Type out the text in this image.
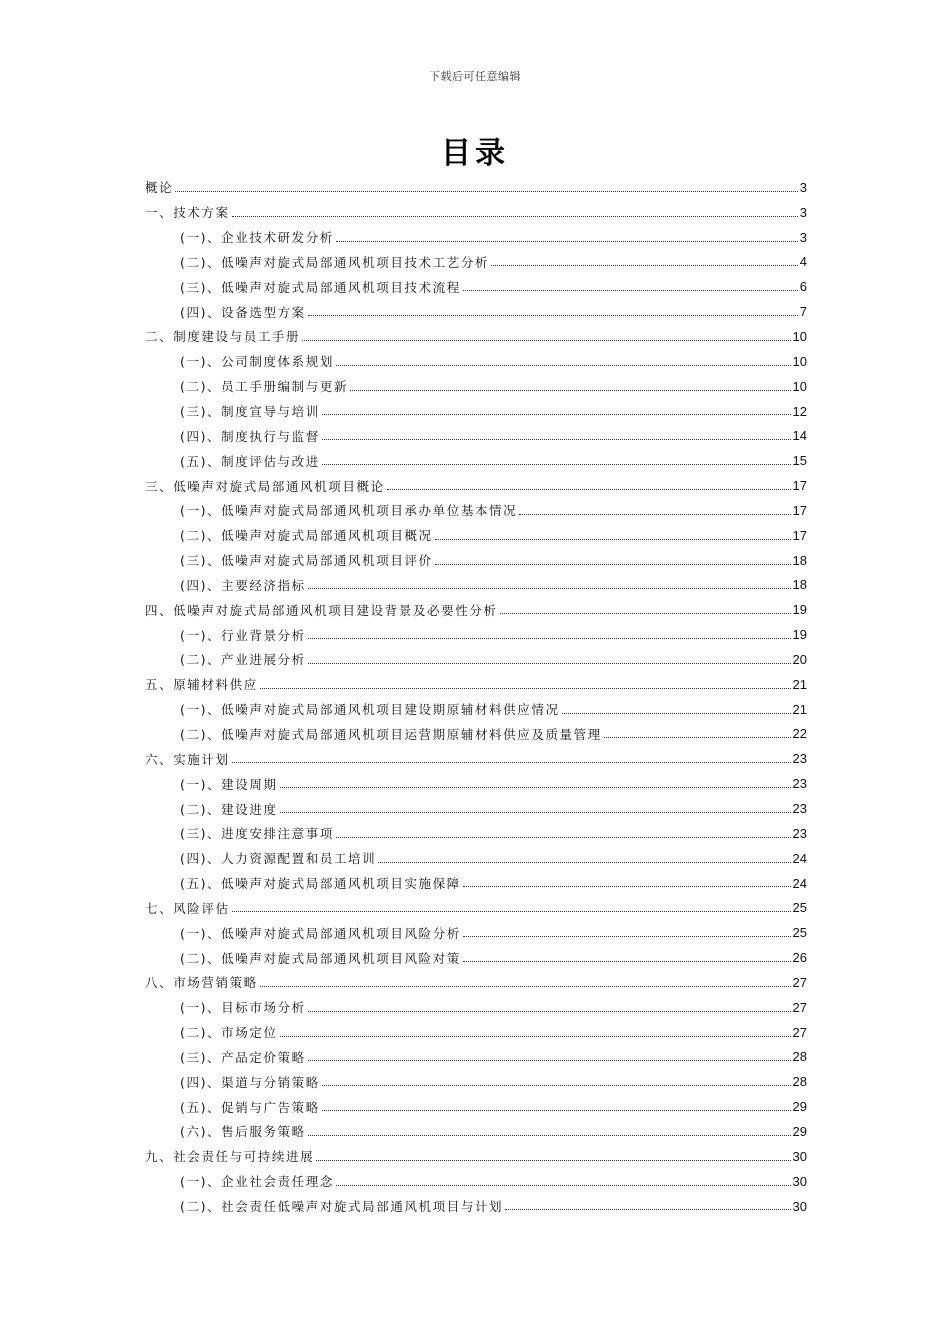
下载后可任意编辑
目录
概论	3
一、技术方案	3
(一)、企业技术研发分析	3
(二)、低噪声对旋式局部通风机项目技术工艺分析	4
(三)、低噪声对旋式局部通风机项目技术流程	6
(四)、设备选型方案	7
二、制度建设与员工手册	10
(一)、公司制度体系规划	10
(二)、员工手册编制与更新	10
(三)、制度宣导与培训	12
(四)、制度执行与监督	14
(五)、制度评估与改进	15
三、低噪声对旋式局部通风机项目概论	17
(一)、低噪声对旋式局部通风机项目承办单位基本情况	17
(二)、低噪声对旋式局部通风机项目概况	17
(三)、低噪声对旋式局部通风机项目评价	18
(四)、主要经济指标	18
四、低噪声对旋式局部通风机项目建设背景及必要性分析	19
(一)、行业背景分析	19
(二)、产业进展分析	20
五、原辅材料供应	21
(一)、低噪声对旋式局部通风机项目建设期原辅材料供应情况	21
(二)、低噪声对旋式局部通风机项目运营期原辅材料供应及质量管理	22
六、实施计划	23
(一)、建设周期	23
(二)、建设进度	23
(三)、进度安排注意事项	23
(四)、人力资源配置和员工培训	24
(五)、低噪声对旋式局部通风机项目实施保障	24
七、风险评估	25
(一)、低噪声对旋式局部通风机项目风险分析	25
(二)、低噪声对旋式局部通风机项目风险对策	26
八、市场营销策略	27
(一)、目标市场分析	27
(二)、市场定位	27
(三)、产品定价策略	28
(四)、渠道与分销策略	28
(五)、促销与广告策略	29
(六)、售后服务策略	29
九、社会责任与可持续进展	30
(一)、企业社会责任理念	30
(二)、社会责任低噪声对旋式局部通风机项目与计划	30
